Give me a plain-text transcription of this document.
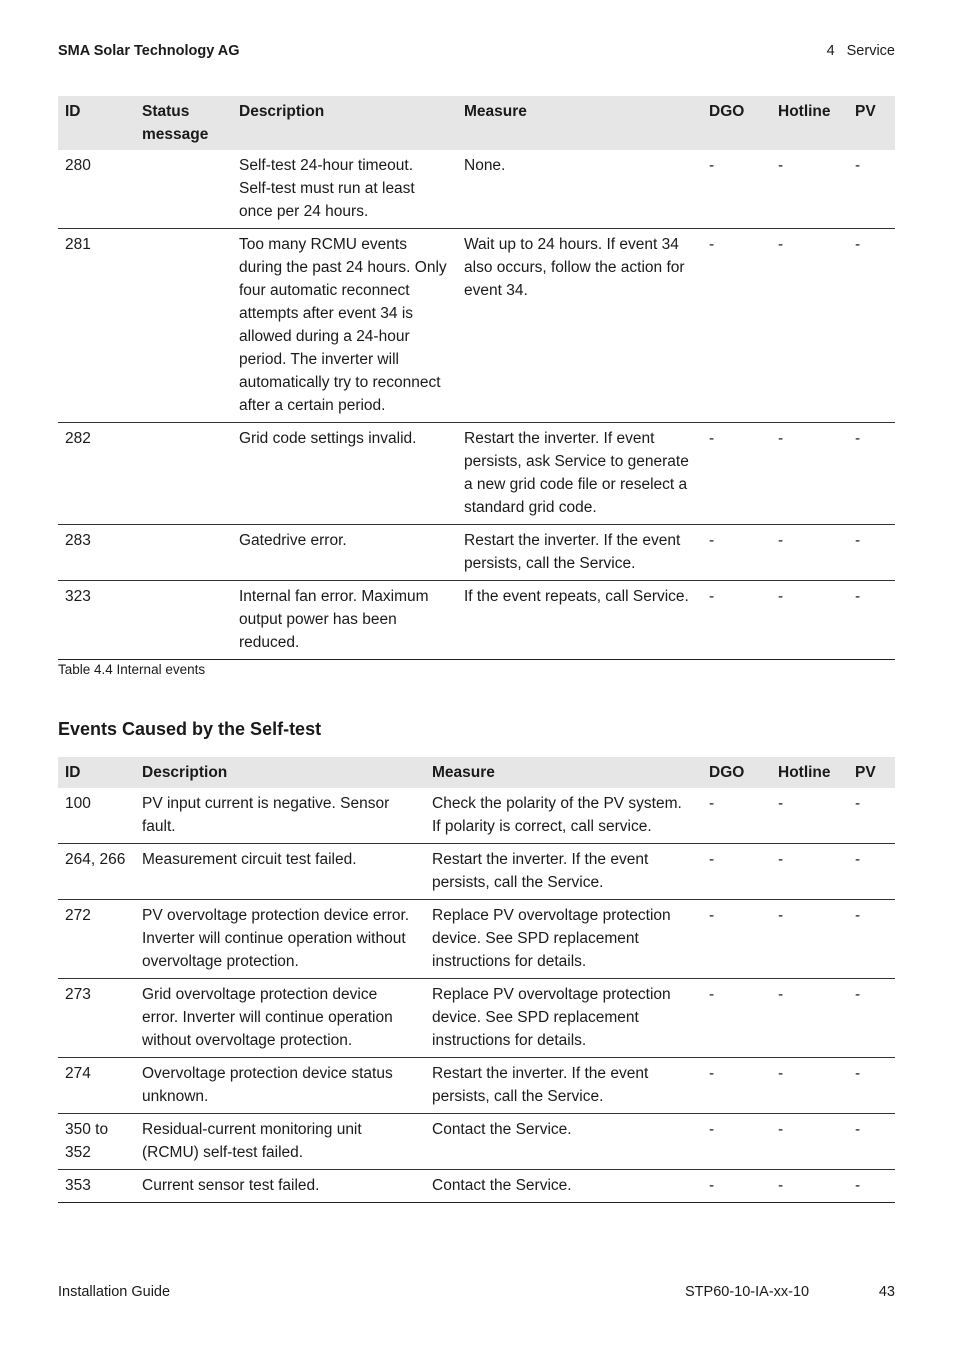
SMA Solar Technology AG	4 Service
ID	Status message	Description	Measure	DGO	Hotline	PV
280		Self-test 24-hour timeout. Self-test must run at least once per 24 hours.	None.	-	-	-
281		Too many RCMU events during the past 24 hours. Only four automatic reconnect attempts after event 34 is allowed during a 24-hour period. The inverter will automatically try to reconnect after a certain period.	Wait up to 24 hours. If event 34 also occurs, follow the action for event 34.	-	-	-
282		Grid code settings invalid.	Restart the inverter. If event persists, ask Service to generate a new grid code file or reselect a standard grid code.	-	-	-
283		Gatedrive error.	Restart the inverter. If the event persists, call the Service.	-	-	-
323		Internal fan error. Maximum output power has been reduced.	If the event repeats, call Service.	-	-	-
Table 4.4 Internal events
Events Caused by the Self-test
ID	Description	Measure	DGO	Hotline	PV
100	PV input current is negative. Sensor fault.	Check the polarity of the PV system. If polarity is correct, call service.	-	-	-
264, 266	Measurement circuit test failed.	Restart the inverter. If the event persists, call the Service.	-	-	-
272	PV overvoltage protection device error. Inverter will continue operation without overvoltage protection.	Replace PV overvoltage protection device. See SPD replacement instructions for details.	-	-	-
273	Grid overvoltage protection device error. Inverter will continue operation without overvoltage protection.	Replace PV overvoltage protection device. See SPD replacement instructions for details.	-	-	-
274	Overvoltage protection device status unknown.	Restart the inverter. If the event persists, call the Service.	-	-	-
350 to 352	Residual-current monitoring unit (RCMU) self-test failed.	Contact the Service.	-	-	-
353	Current sensor test failed.	Contact the Service.	-	-	-
Installation Guide	STP60-10-IA-xx-10	43
